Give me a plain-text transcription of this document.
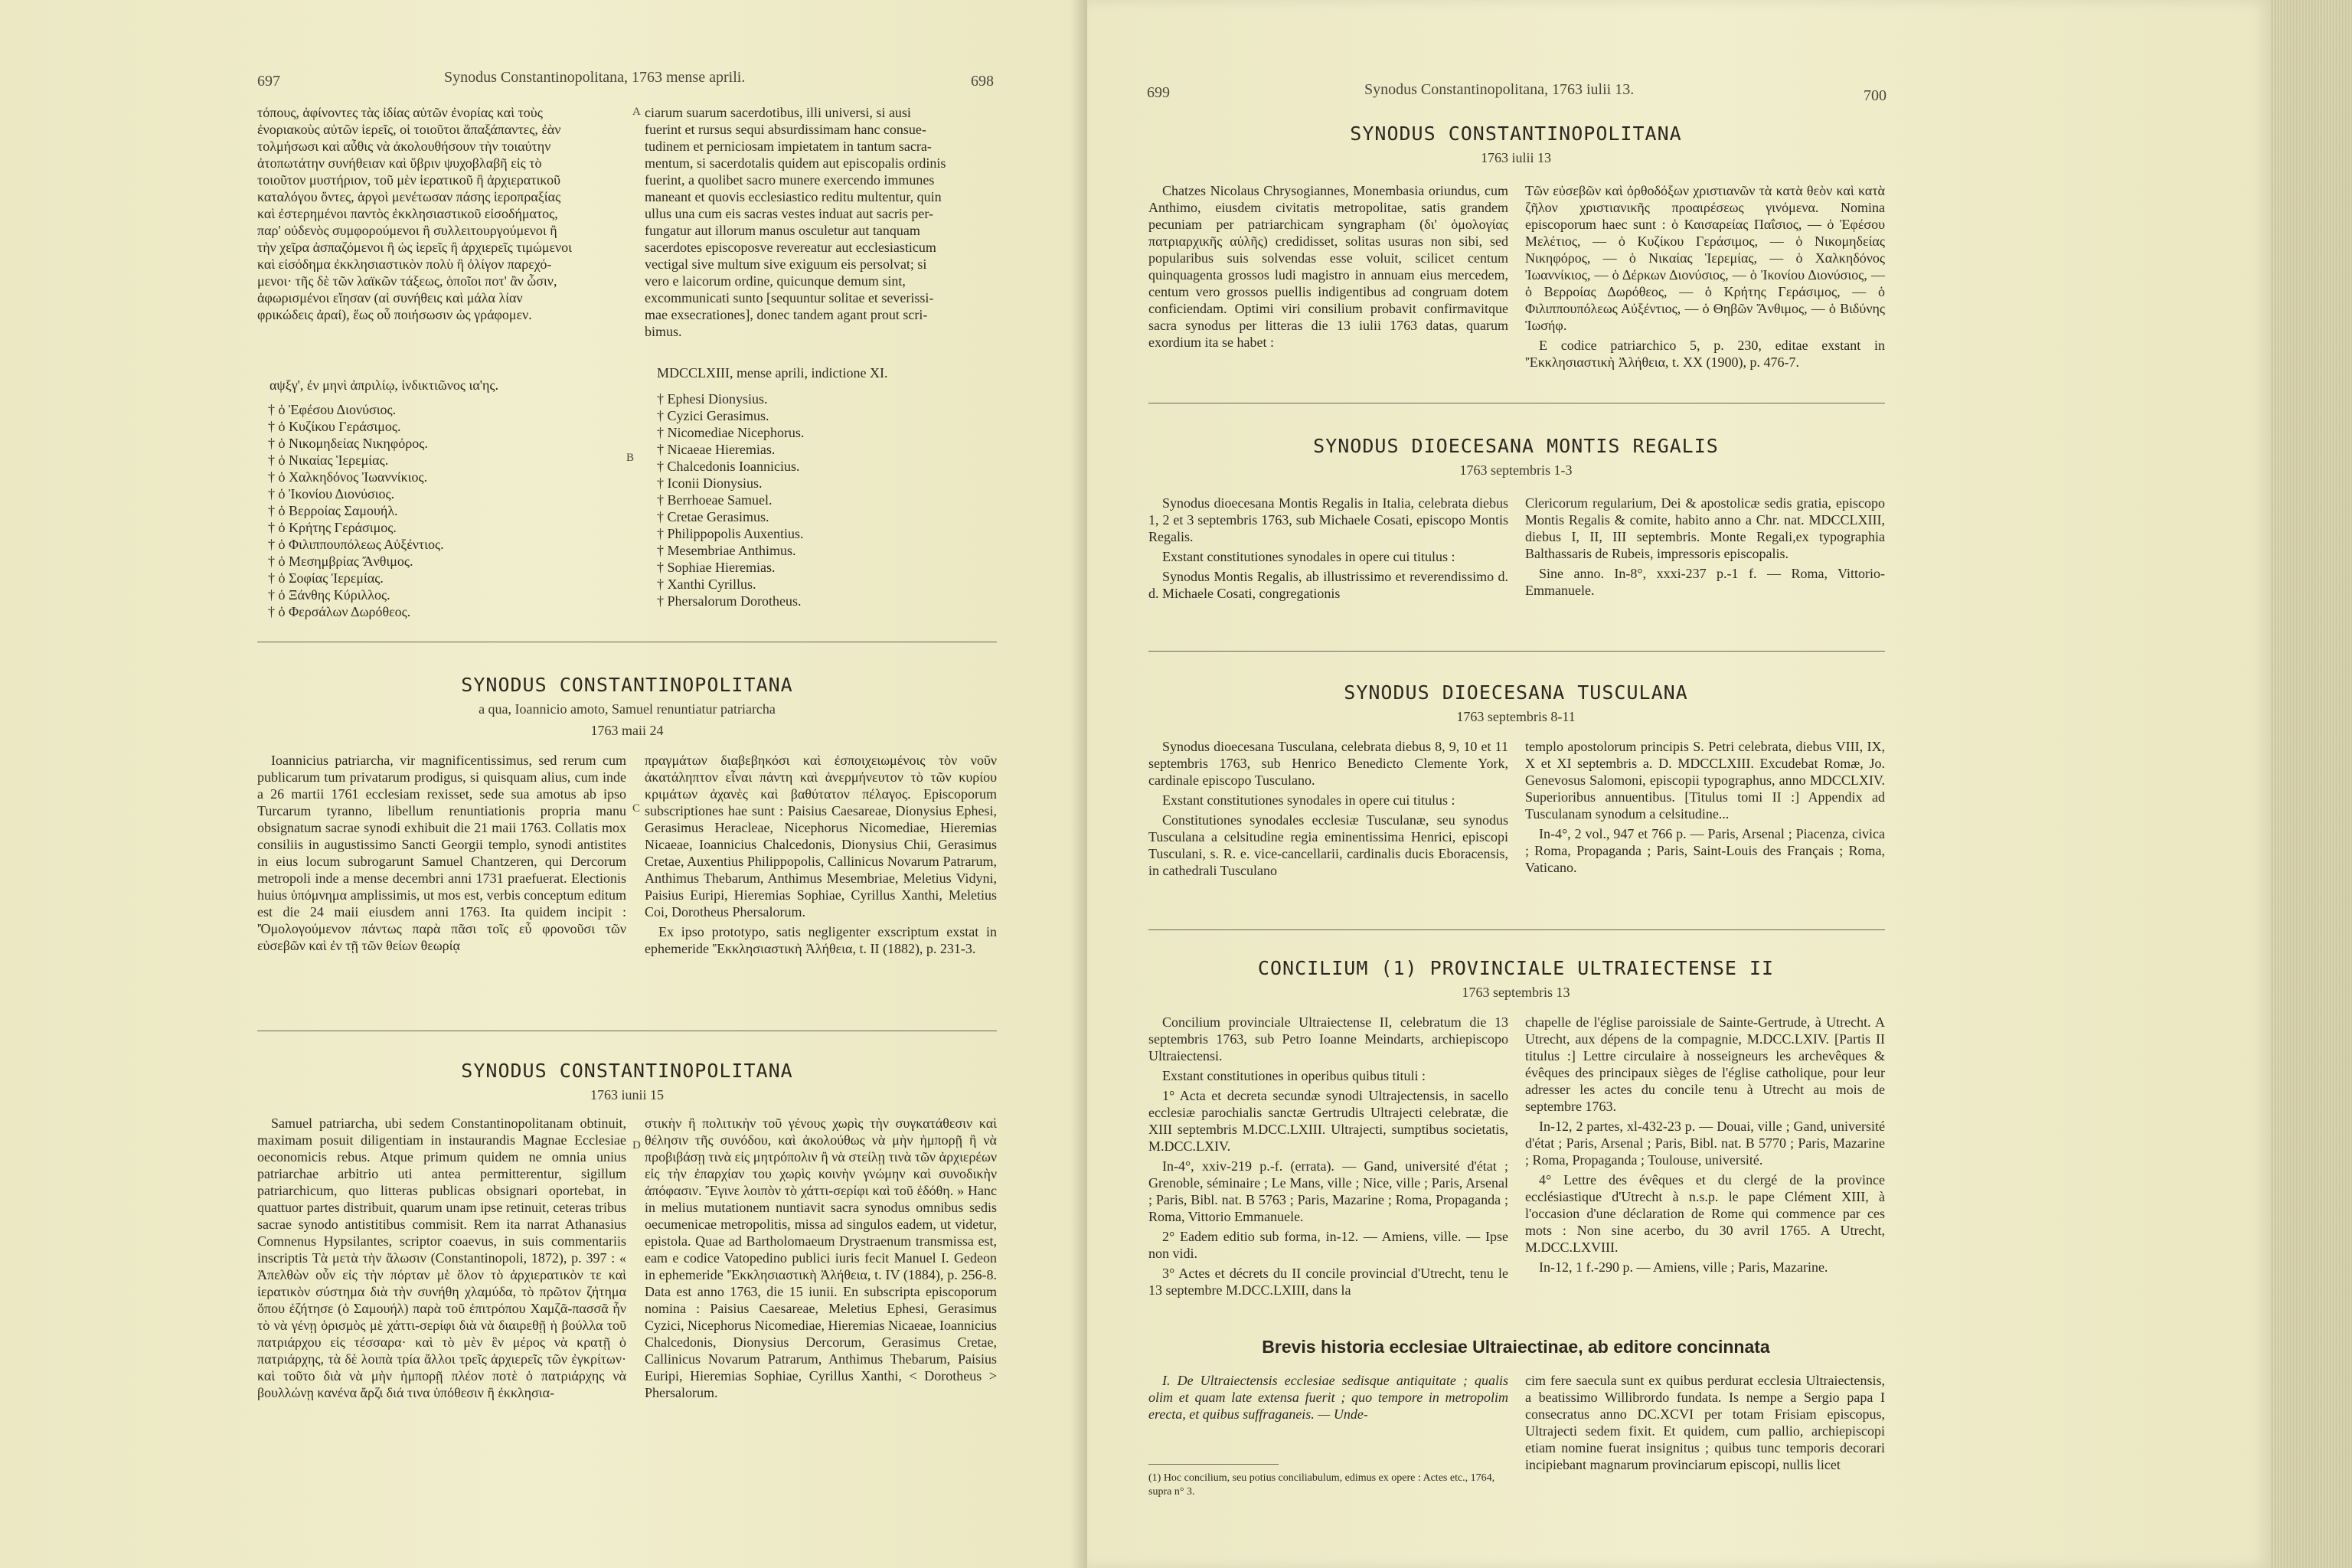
697	Synodus Constantinopolitana, 1763 mense aprili.	698
τόπους, ἀφίνοντες τὰς ἰδίας αὐτῶν ἐνορίας καὶ τοὺς
ἐνοριακοὺς αὐτῶν ἱερεῖς, οἱ τοιοῦτοι ἅπαξάπαντες, ἐὰν
τολμήσωσι καὶ αὖθις νὰ ἀκολουθήσουν τὴν τοιαύτην
ἀτοπωτάτην συνήθειαν καὶ ὕβριν ψυχοβλαβῆ εἰς τὸ
τοιοῦτον μυστήριον, τοῦ μὲν ἱερατικοῦ ἢ ἀρχιερατικοῦ
καταλόγου ὄντες, ἀργοὶ μενέτωσαν πάσης ἱεροπραξίας
καὶ ἐστερημένοι παντὸς ἐκκλησιαστικοῦ εἰσοδήματος,
παρ' οὐδενὸς συμφορούμενοι ἢ συλλειτουργούμενοι ἢ
τὴν χεῖρα ἀσπαζόμενοι ἢ ὡς ἱερεῖς ἢ ἀρχιερεῖς τιμώμενοι
καὶ εἰσόδημα ἐκκλησιαστικὸν πολὺ ἢ ὀλίγον παρεχό-
μενοι· τῆς δὲ τῶν λαϊκῶν τάξεως, ὁποῖοι ποτ' ἂν ὦσιν,
ἀφωρισμένοι εἴησαν (αἱ συνήθεις καὶ μάλα λίαν
φρικώδεις ἀραί), ἕως οὗ ποιήσωσιν ὡς γράφομεν.
A ciarum suarum sacerdotibus, illi universi, si ausi
fuerint et rursus sequi absurdissimam hanc consue-
tudinem et perniciosam impietatem in tantum sacra-
mentum, si sacerdotalis quidem aut episcopalis ordinis
fuerint, a quolibet sacro munere exercendo immunes
maneant et quovis ecclesiastico reditu multentur, quin
ullus una cum eis sacras vestes induat aut sacris per-
fungatur aut illorum manus osculetur aut tanquam
sacerdotes episcoposve revereatur aut ecclesiasticum
vectigal sive multum sive exiguum eis persolvat; si
vero e laicorum ordine, quicunque demum sint,
excommunicati sunto [sequuntur solitae et severissi-
mae exsecrationes], donec tandem agant prout scri-
bimus.
αψξγ', ἐν μηνὶ ἀπριλίῳ, ἰνδικτιῶνος ια'ης.
MDCCLXIII, mense aprili, indictione XI.
† ὁ Ἐφέσου Διονύσιος.
† ὁ Κυζίκου Γεράσιμος.
† ὁ Νικομηδείας Νικηφόρος.
† ὁ Νικαίας Ἱερεμίας.
† ὁ Χαλκηδόνος Ἰωαννίκιος.
† ὁ Ἰκονίου Διονύσιος.
† ὁ Βερροίας Σαμουήλ.
† ὁ Κρήτης Γεράσιμος.
† ὁ Φιλιππουπόλεως Αὐξέντιος.
† ὁ Μεσημβρίας Ἄνθιμος.
† ὁ Σοφίας Ἱερεμίας.
† ὁ Ξάνθης Κύριλλος.
† ὁ Φερσάλων Δωρόθεος.
B
† Ephesi Dionysius.
† Cyzici Gerasimus.
† Nicomediae Nicephorus.
† Nicaeae Hieremias.
† Chalcedonis Ioannicius.
† Iconii Dionysius.
† Berrhoeae Samuel.
† Cretae Gerasimus.
† Philippopolis Auxentius.
† Mesembriae Anthimus.
† Sophiae Hieremias.
† Xanthi Cyrillus.
† Phersalorum Dorotheus.
SYNODUS CONSTANTINOPOLITANA
a qua, Ioannicio amoto, Samuel renuntiatur patriarcha
1763 maii 24

Ioannicius patriarcha, vir magnificentissimus, sed rerum cum publicarum tum privatarum prodigus, si quisquam alius, cum inde a 26 martii 1761 ecclesiam rexisset, sede sua amotus ab ipso Turcarum tyranno, libellum renuntiationis propria manu obsignatum sacrae synodi exhibuit die 21 maii 1763. Collatis mox consiliis in augustissimo Sancti Georgii templo, synodi antistites in eius locum subrogarunt Samuel Chantzeren, qui Dercorum metropoli inde a mense decembri anni 1731 praefuerat. Electionis huius ὑπόμνημα amplissimis, ut mos est, verbis conceptum editum est die 24 maii eiusdem anni 1763. Ita quidem incipit : 'Ὁμολογούμενον πάντως παρὰ πᾶσι τοῖς εὖ φρονοῦσι τῶν εὐσεβῶν καὶ ἐν τῇ τῶν θείων θεωρίᾳ

C

πραγμάτων διαβεβηκόσι καὶ ἐσποιχειωμένοις τὸν νοῦν ἀκατάληπτον εἶναι πάντη καὶ ἀνερμήνευτον τὸ τῶν κυρίου κριμάτων ἀχανὲς καὶ βαθύτατον πέλαγος. Episcoporum subscriptiones hae sunt : Paisius Caesareae, Dionysius Ephesi, Gerasimus Heracleae, Nicephorus Nicomediae, Hieremias Nicaeae, Ioannicius Chalcedonis, Dionysius Chii, Gerasimus Cretae, Auxentius Philippopolis, Callinicus Novarum Patrarum, Anthimus Thebarum, Anthimus Mesembriae, Meletius Vidyni, Paisius Euripi, Hieremias Sophiae, Cyrillus Xanthi, Meletius Coi, Dorotheus Phersalorum.

Ex ipso prototypo, satis negligenter exscriptum exstat in ephemeride 'Ἐκκλησιαστικὴ Ἀλήθεια, t. II (1882), p. 231-3.

SYNODUS CONSTANTINOPOLITANA
1763 iunii 15

Samuel patriarcha, ubi sedem Constantinopolitanam obtinuit, maximam posuit diligentiam in instaurandis Magnae Ecclesiae oeconomicis rebus. Atque primum quidem ne omnia unius patriarchae arbitrio uti antea permitterentur, sigillum patriarchicum, quo litteras publicas obsignari oportebat, in quattuor partes distribuit, quarum unam ipse retinuit, ceteras tribus sacrae synodo antistitibus commisit. Rem ita narrat Athanasius Comnenus Hypsilantes, scriptor coaevus, in suis commentariis inscriptis Τὰ μετὰ τὴν ἅλωσιν (Constantinopoli, 1872), p. 397 : « Ἀπελθὼν οὖν εἰς τὴν πόρταν μὲ ὅλον τὸ ἀρχιερατικὸν τε καὶ ἱερατικὸν σύστημα διὰ τὴν συνήθη χλαμύδα, τὸ πρῶτον ζήτημα ὅπου ἐζήτησε (ὁ Σαμουήλ) παρὰ τοῦ ἐπιτρόπου Χαμζᾶ-πασσᾶ ἦν τὸ νὰ γένῃ ὁρισμὸς μὲ χάττι-σερίφι διὰ νὰ διαιρεθῇ ἡ βούλλα τοῦ πατριάρχου εἰς τέσσαρα· καὶ τὸ μὲν ἓν μέρος νὰ κρατῇ ὁ πατριάρχης, τὰ δὲ λοιπὰ τρία ἄλλοι τρεῖς ἀρχιερεῖς τῶν ἐγκρίτων· καὶ τοῦτο διὰ νὰ μὴν ἠμπορῇ πλέον ποτὲ ὁ πατριάρχης νὰ βουλλώνῃ κανένα ἄρζι διά τινα ὑπόθεσιν ἢ ἐκκλησια-

D

στικὴν ἢ πολιτικὴν τοῦ γένους χωρὶς τὴν συγκατάθεσιν καὶ θέλησιν τῆς συνόδου, καὶ ἀκολούθως νὰ μὴν ἠμπορῇ ἢ νὰ προβιβάσῃ τινὰ εἰς μητρόπολιν ἢ νὰ στείλῃ τινὰ τῶν ἀρχιερέων εἰς τὴν ἐπαρχίαν του χωρὶς κοινὴν γνώμην καὶ συνοδικὴν ἀπόφασιν. Ἔγινε λοιπὸν τὸ χάττι-σερίφι καὶ τοῦ ἐδόθη. » Hanc in melius mutationem nuntiavit sacra synodus omnibus sedis oecumenicae metropolitis, missa ad singulos eadem, ut videtur, epistola. Quae ad Bartholomaeum Drystraenum transmissa est, eam e codice Vatopedino publici iuris fecit Manuel I. Gedeon in ephemeride 'Ἐκκλησιαστικὴ Ἀλήθεια, t. IV (1884), p. 256-8. Data est anno 1763, die 15 iunii. En subscripta episcoporum nomina : Paisius Caesareae, Meletius Ephesi, Gerasimus Cyzici, Nicephorus Nicomediae, Hieremias Nicaeae, Ioannicius Chalcedonis, Dionysius Dercorum, Gerasimus Cretae, Callinicus Novarum Patrarum, Anthimus Thebarum, Paisius Euripi, Hieremias Sophiae, Cyrillus Xanthi, < Dorotheus > Phersalorum.

699	Synodus Constantinopolitana, 1763 iulii 13.	700
SYNODUS CONSTANTINOPOLITANA
1763 iulii 13

Chatzes Nicolaus Chrysogiannes, Monembasia oriundus, cum Anthimo, eiusdem civitatis metropolitae, satis grandem pecuniam per patriarchicam syngrapham (δι' ὁμολογίας πατριαρχικῆς αὐλῆς) credidisset, solitas usuras non sibi, sed popularibus suis solvendas esse voluit, scilicet centum quinquagenta grossos ludi magistro in annuam eius mercedem, centum vero grossos puellis indigentibus ad congruam dotem conficiendam. Optimi viri consilium probavit confirmavitque sacra synodus per litteras die 13 iulii 1763 datas, quarum exordium ita se habet :

Τῶν εὐσεβῶν καὶ ὀρθοδόξων χριστιανῶν τὰ κατὰ θεὸν καὶ κατὰ ζῆλον χριστιανικῆς προαιρέσεως γινόμενα. Nomina episcoporum haec sunt : ὁ Καισαρείας Παΐσιος, — ὁ Ἐφέσου Μελέτιος, — ὁ Κυζίκου Γεράσιμος, — ὁ Νικομηδείας Νικηφόρος, — ὁ Νικαίας Ἱερεμίας, — ὁ Χαλκηδόνος Ἰωαννίκιος, — ὁ Δέρκων Διονύσιος, — ὁ Ἰκονίου Διονύσιος, — ὁ Βερροίας Δωρόθεος, — ὁ Κρήτης Γεράσιμος, — ὁ Φιλιππουπόλεως Αὐξέντιος, — ὁ Θηβῶν Ἄνθιμος, — ὁ Βιδύνης Ἰωσήφ.

E codice patriarchico 5, p. 230, editae exstant in 'Ἐκκλησιαστικὴ Ἀλήθεια, t. XX (1900), p. 476-7.

SYNODUS DIOECESANA MONTIS REGALIS
1763 septembris 1-3

Synodus dioecesana Montis Regalis in Italia, celebrata diebus 1, 2 et 3 septembris 1763, sub Michaele Cosati, episcopo Montis Regalis.

Exstant constitutiones synodales in opere cui titulus :

Synodus Montis Regalis, ab illustrissimo et reverendissimo d. d. Michaele Cosati, congregationis

Clericorum regularium, Dei & apostolicæ sedis gratia, episcopo Montis Regalis & comite, habito anno a Chr. nat. MDCCLXIII, diebus I, II, III septembris. Monte Regali,ex typographia Balthassaris de Rubeis, impressoris episcopalis.

Sine anno. In-8°, xxxi-237 p.-1 f. — Roma, Vittorio-Emmanuele.

SYNODUS DIOECESANA TUSCULANA
1763 septembris 8-11

Synodus dioecesana Tusculana, celebrata diebus 8, 9, 10 et 11 septembris 1763, sub Henrico Benedicto Clemente York, cardinale episcopo Tusculano.

Exstant constitutiones synodales in opere cui titulus :

Constitutiones synodales ecclesiæ Tusculanæ, seu synodus Tusculana a celsitudine regia eminentissima Henrici, episcopi Tusculani, s. R. e. vice-cancellarii, cardinalis ducis Eboracensis, in cathedrali Tusculano

templo apostolorum principis S. Petri celebrata, diebus VIII, IX, X et XI septembris a. D. MDCCLXIII. Excudebat Romæ, Jo. Genevosus Salomoni, episcopii typographus, anno MDCCLXIV. Superioribus annuentibus. [Titulus tomi II :] Appendix ad Tusculanam synodum a celsitudine...

In-4°, 2 vol., 947 et 766 p. — Paris, Arsenal ; Piacenza, civica ; Roma, Propaganda ; Paris, Saint-Louis des Français ; Roma, Vaticano.

CONCILIUM (1) PROVINCIALE ULTRAIECTENSE II
1763 septembris 13

Concilium provinciale Ultraiectense II, celebratum die 13 septembris 1763, sub Petro Ioanne Meindarts, archiepiscopo Ultraiectensi.

Exstant constitutiones in operibus quibus tituli :

1° Acta et decreta secundæ synodi Ultrajectensis, in sacello ecclesiæ parochialis sanctæ Gertrudis Ultrajecti celebratæ, die XIII septembris M.DCC.LXIII. Ultrajecti, sumptibus societatis, M.DCC.LXIV.

In-4°, xxiv-219 p.-f. (errata). — Gand, université d'état ; Grenoble, séminaire ; Le Mans, ville ; Nice, ville ; Paris, Arsenal ; Paris, Bibl. nat. B 5763 ; Paris, Mazarine ; Roma, Propaganda ; Roma, Vittorio Emmanuele.

2° Eadem editio sub forma, in-12. — Amiens, ville. — Ipse non vidi.

3° Actes et décrets du II concile provincial d'Utrecht, tenu le 13 septembre M.DCC.LXIII, dans la

chapelle de l'église paroissiale de Sainte-Gertrude, à Utrecht. A Utrecht, aux dépens de la compagnie, M.DCC.LXIV. [Partis II titulus :] Lettre circulaire à nosseigneurs les archevêques & évêques des principaux sièges de l'église catholique, pour leur adresser les actes du concile tenu à Utrecht au mois de septembre 1763.

In-12, 2 partes, xl-432-23 p. — Douai, ville ; Gand, université d'état ; Paris, Arsenal ; Paris, Bibl. nat. B 5770 ; Paris, Mazarine ; Roma, Propaganda ; Toulouse, université.

4° Lettre des évêques et du clergé de la province ecclésiastique d'Utrecht à n.s.p. le pape Clément XIII, à l'occasion d'une déclaration de Rome qui commence par ces mots : Non sine acerbo, du 30 avril 1765. A Utrecht, M.DCC.LXVIII.

In-12, 1 f.-290 p. — Amiens, ville ; Paris, Mazarine.

Brevis historia ecclesiae Ultraiectinae, ab editore concinnata

I. De Ultraiectensis ecclesiae sedisque antiquitate ; qualis olim et quam late extensa fuerit ; quo tempore in metropolim erecta, et quibus suffraganeis. — Unde-

(1) Hoc concilium, seu potius conciliabulum, edimus ex opere : Actes etc., 1764, supra n° 3.

cim fere saecula sunt ex quibus perdurat ecclesia Ultraiectensis, a beatissimo Willibrordo fundata. Is nempe a Sergio papa I consecratus anno DC.XCVI per totam Frisiam episcopus, Ultrajecti sedem fixit. Et quidem, cum pallio, archiepiscopi etiam nomine fuerat insignitus ; quibus tunc temporis decorari incipiebant magnarum provinciarum episcopi, nullis licet
